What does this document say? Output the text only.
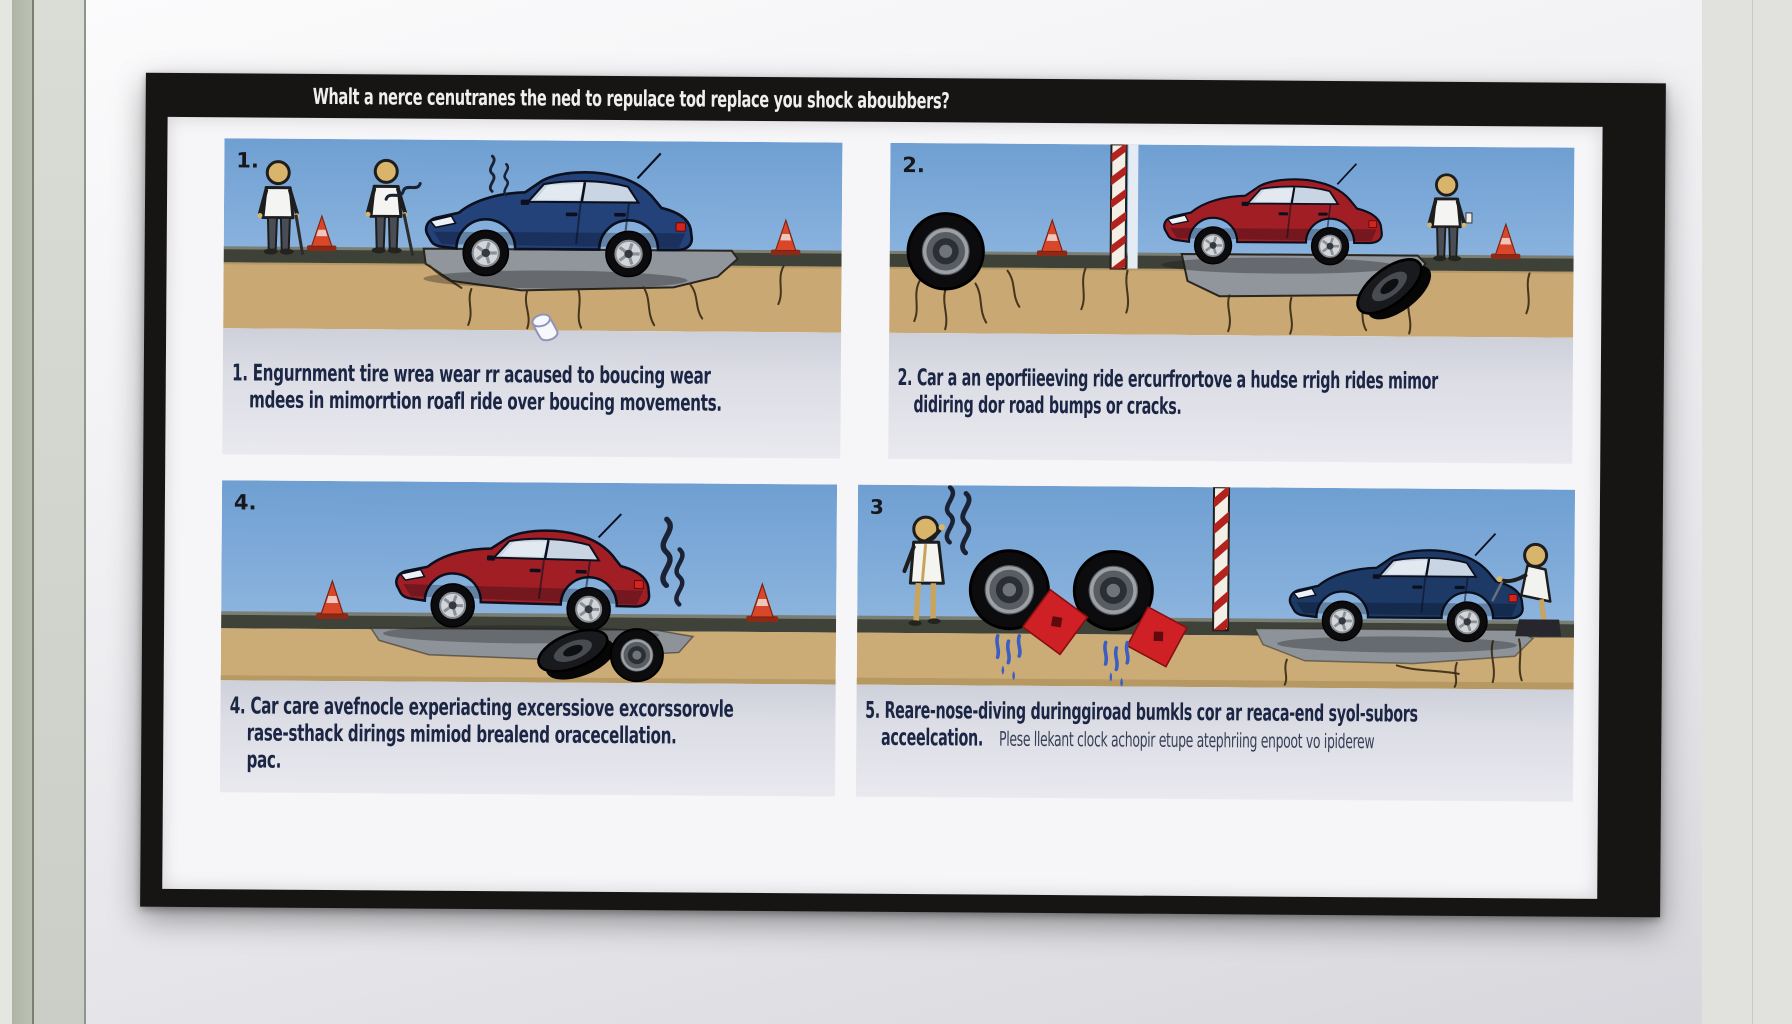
Whalt a nerce cenutranes the ned to repulace tod replace you shock aboubbers?
1.
1. Engurnment tire wrea wear rr acaused to boucing wear
mdees in mimorrtion roafl ride over boucing movements.
2.
2. Car a an eporfiieeving ride ercurfrortove a hudse rrigh rides mimor
didiring dor road bumps or cracks.
4.
4. Car care avefnocle experiacting excerssiove excorssorovle
rase-sthack dirings mimiod brealend oracecellation.
pac.
3
5. Reare-nose-diving duringgiroad bumkls cor ar reaca-end syol-subors
acceelcation. Plese llekant clock achopir etupe atephriing enpoot vo ipiderew
